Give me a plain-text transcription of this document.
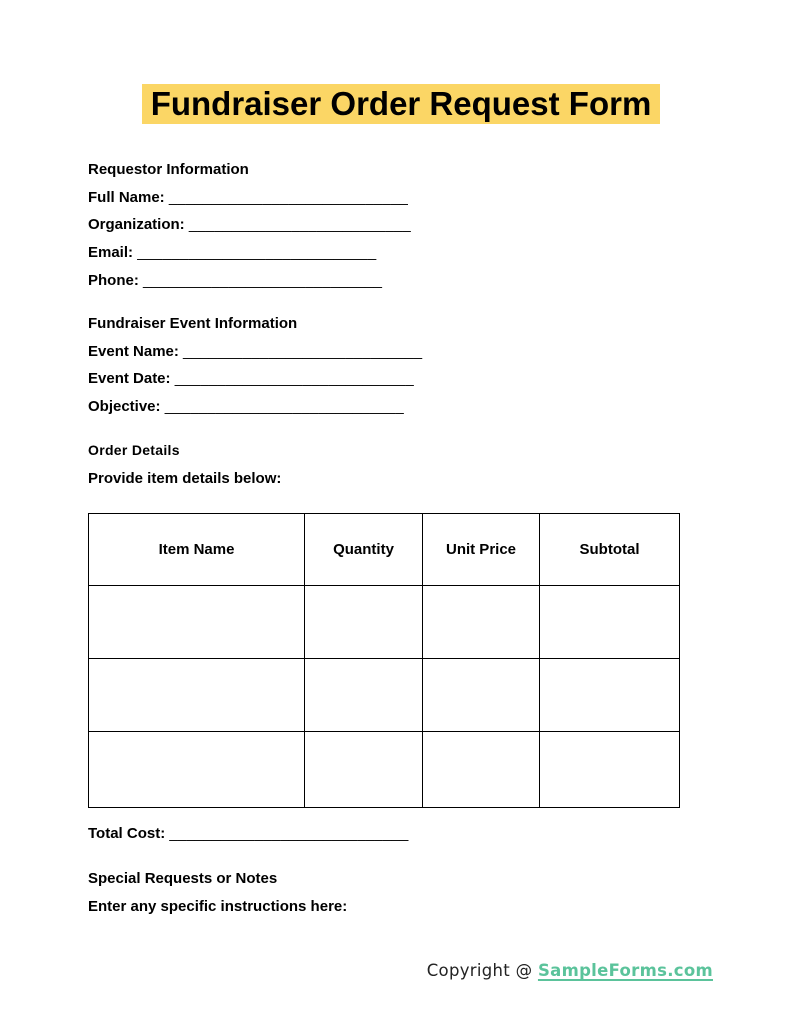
Fundraiser Order Request Form
Requestor Information
Full Name: ____________________________
Organization: __________________________
Email: ____________________________
Phone: ____________________________
Fundraiser Event Information
Event Name: ____________________________
Event Date: ____________________________
Objective: ____________________________
Order Details
Provide item details below:
Item Name	Quantity	Unit Price	Subtotal

Total Cost: ____________________________
Special Requests or Notes
Enter any specific instructions here:
Copyright @ SampleForms.com
